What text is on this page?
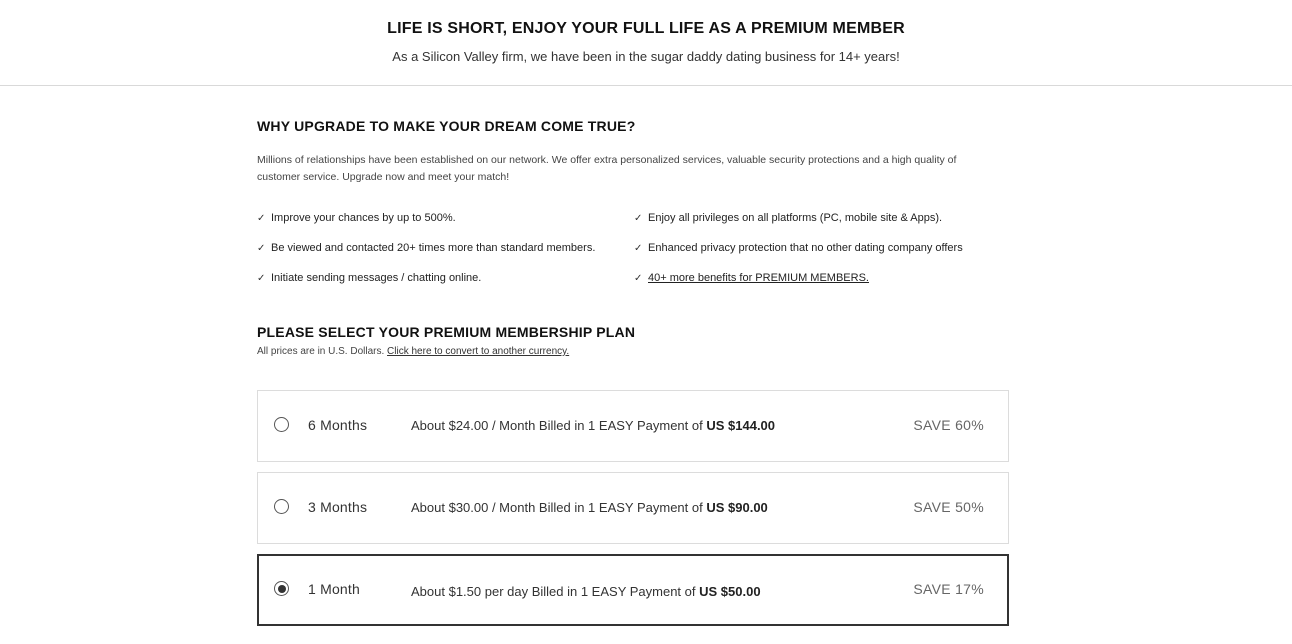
LIFE IS SHORT, ENJOY YOUR FULL LIFE AS A PREMIUM MEMBER

As a Silicon Valley firm, we have been in the sugar daddy dating business for 14+ years!

WHY UPGRADE TO MAKE YOUR DREAM COME TRUE?

Millions of relationships have been established on our network. We offer extra personalized services, valuable security protections and a high quality of customer service. Upgrade now and meet your match!

✓ Improve your chances by up to 500%.	✓ Enjoy all privileges on all platforms (PC, mobile site & Apps).
✓ Be viewed and contacted 20+ times more than standard members.	✓ Enhanced privacy protection that no other dating company offers
✓ Initiate sending messages / chatting online.	✓ 40+ more benefits for PREMIUM MEMBERS.
PLEASE SELECT YOUR PREMIUM MEMBERSHIP PLAN

All prices are in U.S. Dollars. Click here to convert to another currency.

6 Months	About $24.00 / Month Billed in 1 EASY Payment of US $144.00	SAVE 60%
3 Months	About $30.00 / Month Billed in 1 EASY Payment of US $90.00	SAVE 50%
1 Month	About $1.50 per day Billed in 1 EASY Payment of US $50.00	SAVE 17%
